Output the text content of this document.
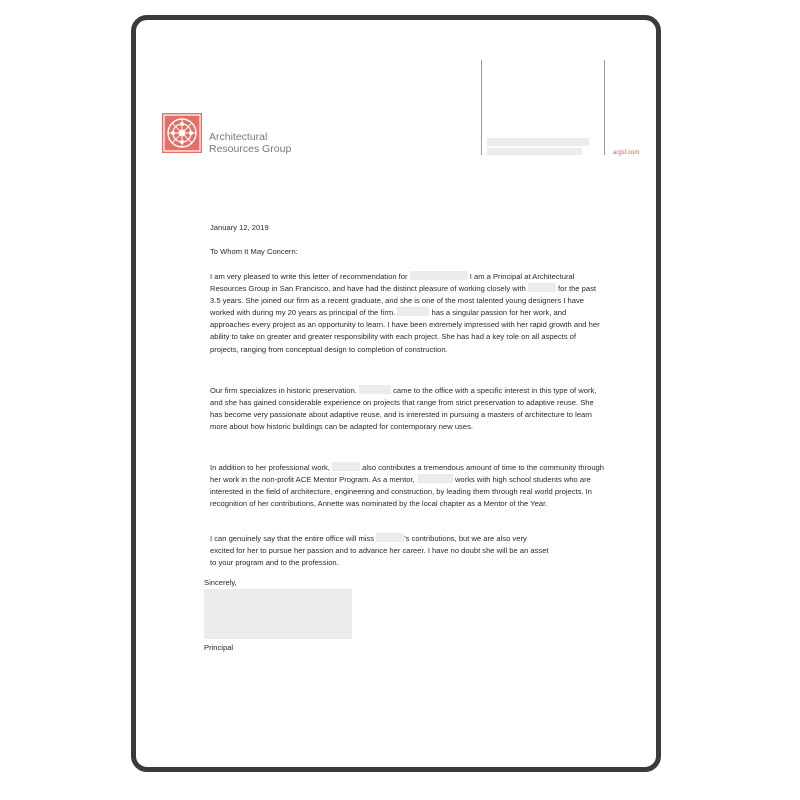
Architectural
Resources Group	argsf.com
January 12, 2019
To Whom It May Concern:

I am very pleased to write this letter of recommendation for	I am a Principal at Architectural Resources Group in San Francisco, and have had the distinct pleasure of working closely with	for the past 3.5 years. She joined our firm as a recent graduate, and she is one of the most talented young designers I have worked with during my 20 years as principal of the firm.	has a singular passion for her work, and approaches every project as an opportunity to learn. I have been extremely impressed with her rapid growth and her ability to take on greater and greater responsibility with each project. She has had a key role on all aspects of projects, ranging from conceptual design to completion of construction.

Our firm specializes in historic preservation.	came to the office with a specific interest in this type of work, and she has gained considerable experience on projects that range from strict preservation to adaptive reuse. She has become very passionate about adaptive reuse, and is interested in pursuing a masters of architecture to learn more about how historic buildings can be adapted for contemporary new uses.

In addition to her professional work,	also contributes a tremendous amount of time to the community through her work in the non-profit ACE Mentor Program. As a mentor,	works with high school students who are interested in the field of architecture, engineering and construction, by leading them through real world projects. In recognition of her contributions, Annette was nominated by the local chapter as a Mentor of the Year.

I can genuinely say that the entire office will miss	's contributions, but we are also very excited for her to pursue her passion and to advance her career. I have no doubt she will be an asset to your program and to the profession.

Sincerely,
Principal
